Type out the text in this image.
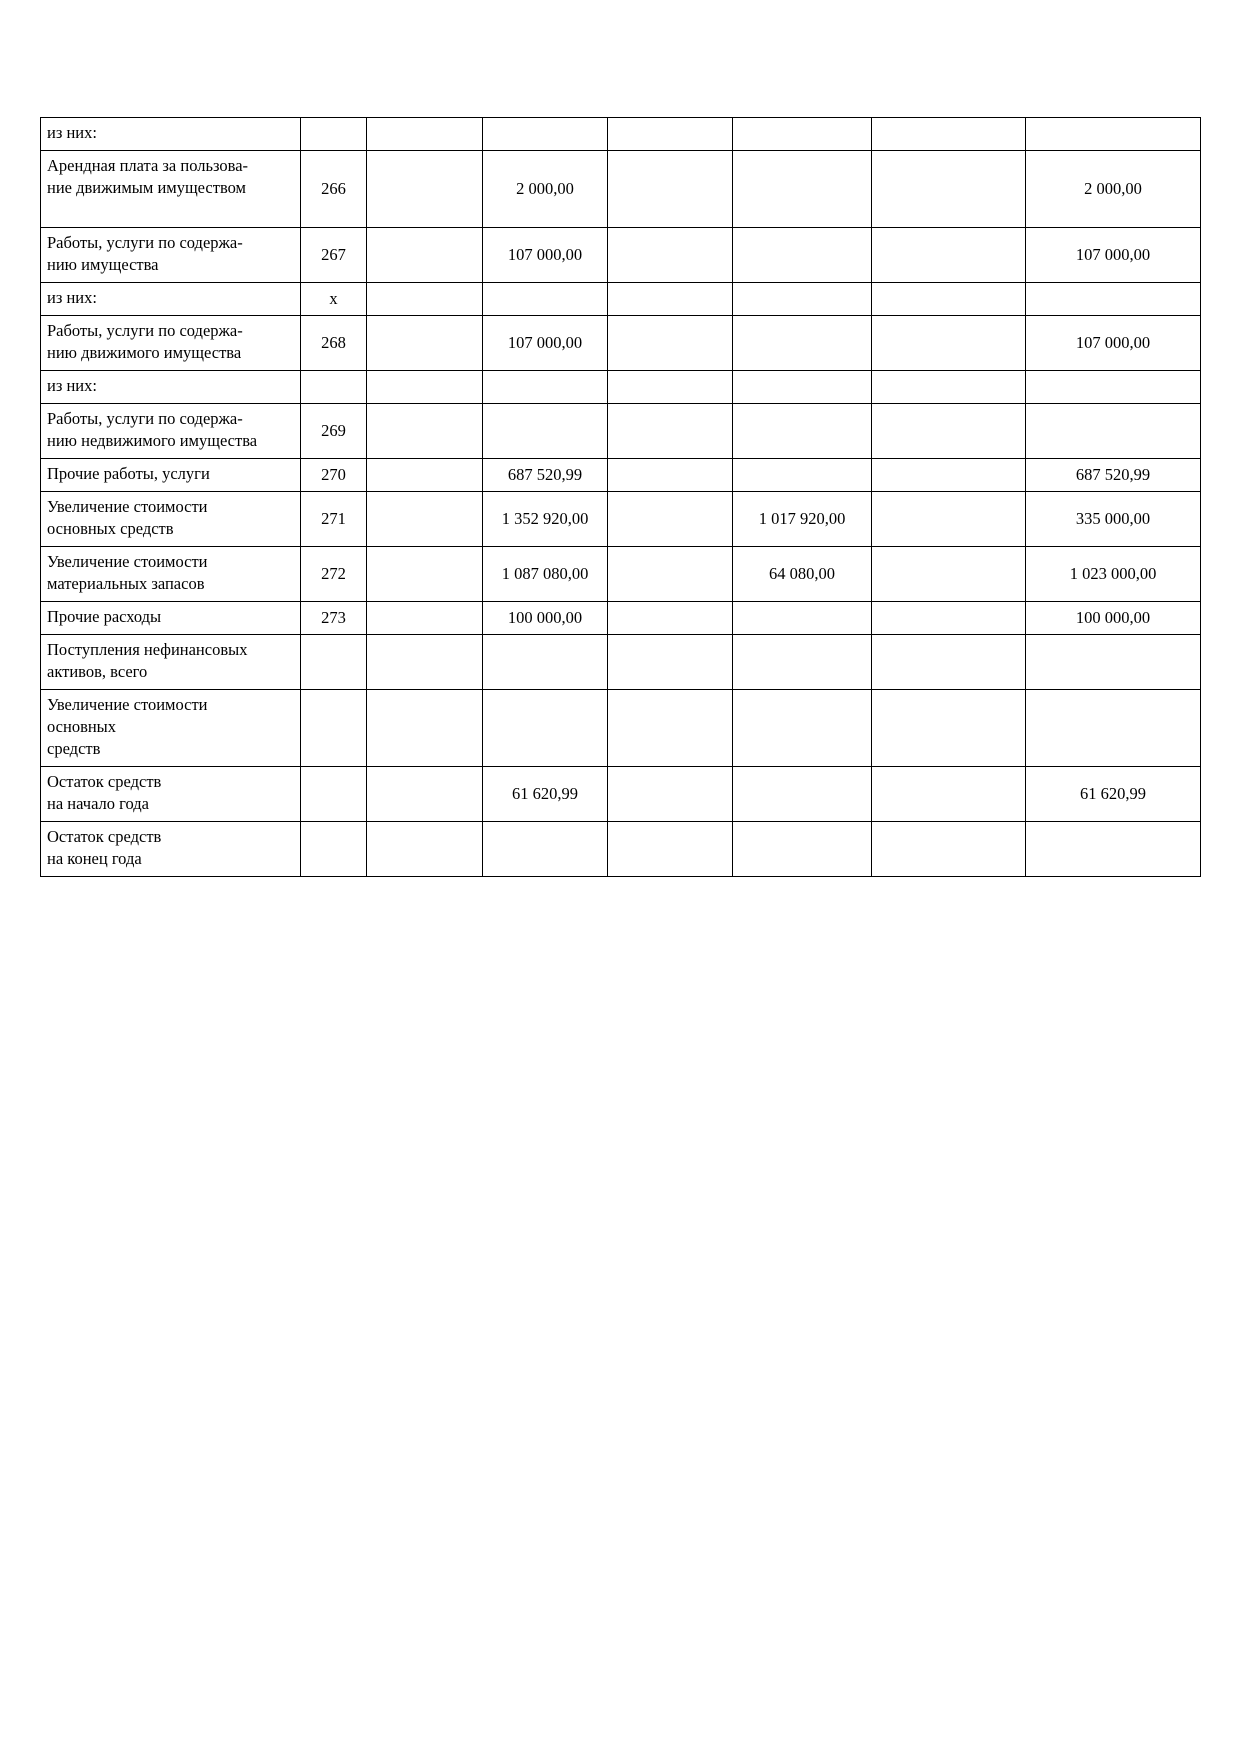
из них:							
Арендная плата за пользова-
ние движимым имуществом	266		2 000,00				2 000,00
Работы, услуги по содержа-
нию имущества	267		107 000,00				107 000,00
из них:	х						
Работы, услуги по содержа-
нию движимого имущества	268		107 000,00				107 000,00
из них:							
Работы, услуги по содержа-
нию недвижимого имущества	269						
Прочие работы, услуги	270		687 520,99				687 520,99
Увеличение стоимости
основных средств	271		1 352 920,00		1 017 920,00		335 000,00
Увеличение стоимости
материальных запасов	272		1 087 080,00		64 080,00		1 023 000,00
Прочие расходы	273		100 000,00				100 000,00
Поступления нефинансовых
активов, всего							
Увеличение стоимости
основных
средств							
Остаток средств
на начало года			61 620,99				61 620,99
Остаток средств
на конец года							
